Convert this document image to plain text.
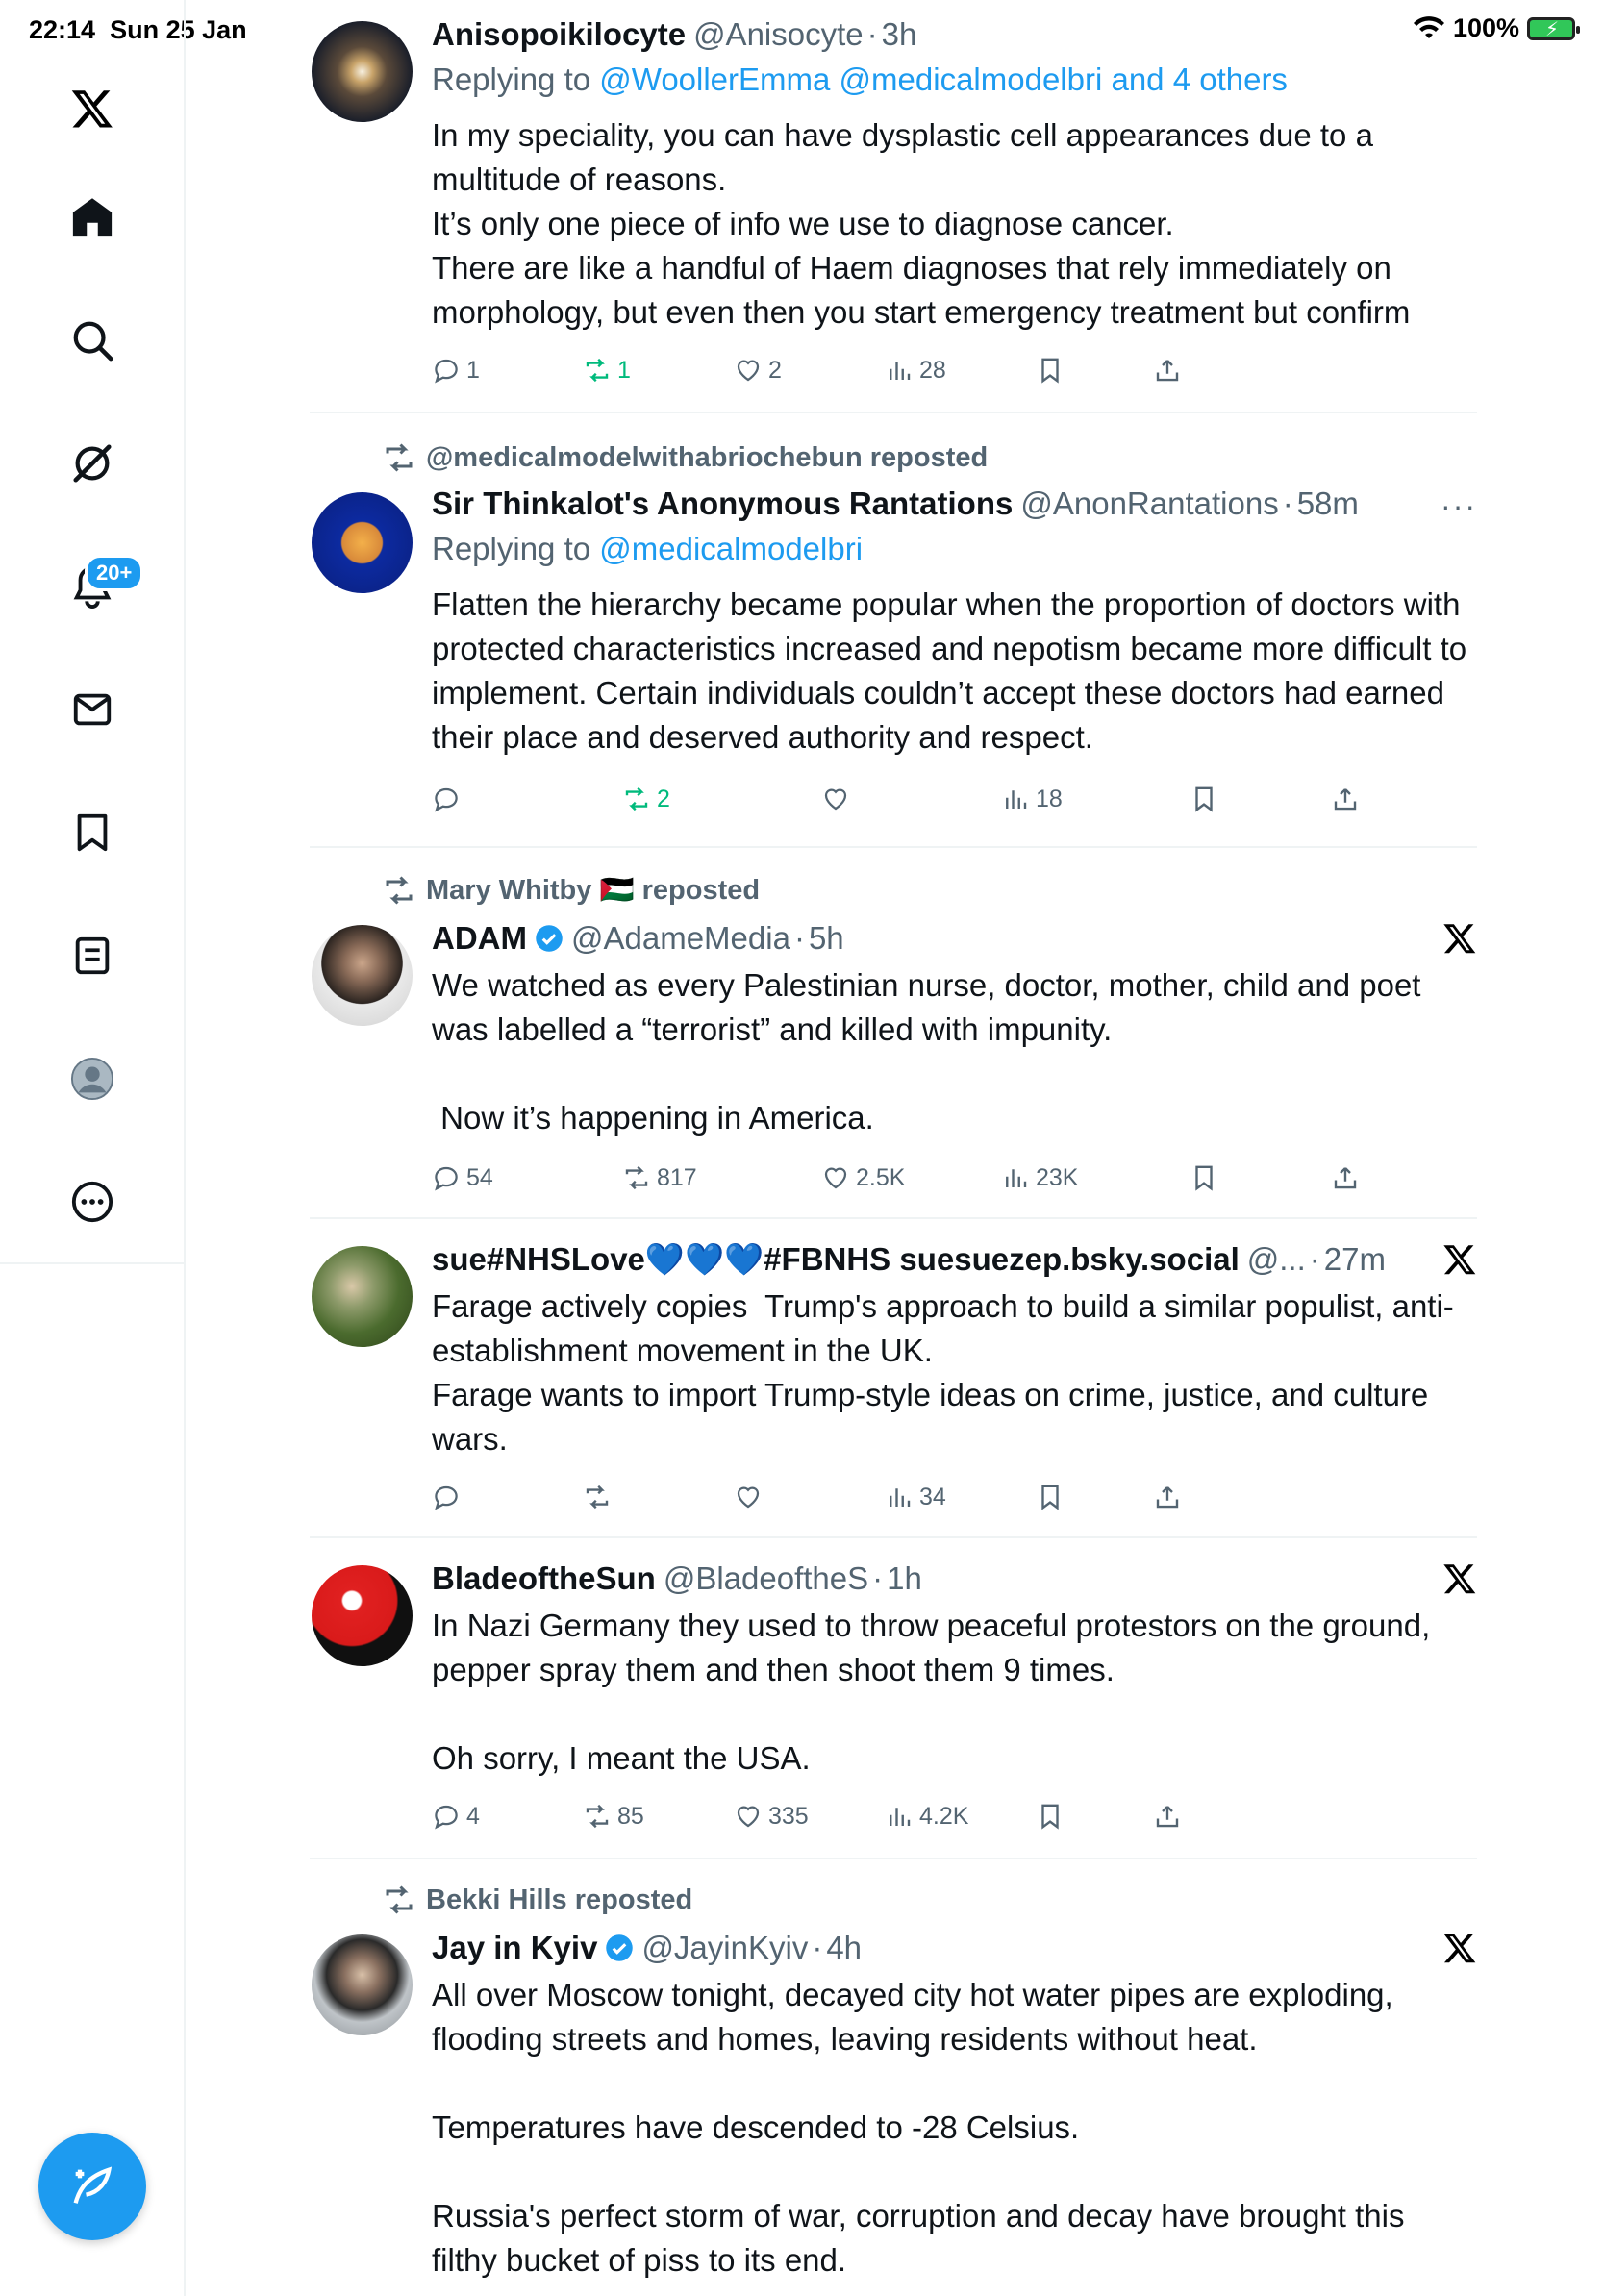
22:14 Sun 25 Jan	100% ⚡
20+
Anisopoikilocyte @Anisocyte · 3h
Replying to @WoollerEmma @medicalmodelbri and 4 others
In my speciality, you can have dysplastic cell appearances due to a multitude of reasons.
It’s only one piece of info we use to diagnose cancer.
There are like a handful of Haem diagnoses that rely immediately on morphology, but even then you start emergency treatment but confirm
1	1	2	28
@medicalmodelwithabriochebun reposted
Sir Thinkalot's Anonymous Rantations @AnonRantations · 58m
Replying to @medicalmodelbri
Flatten the hierarchy became popular when the proportion of doctors with protected characteristics increased and nepotism became more difficult to implement. Certain individuals couldn’t accept these doctors had earned their place and deserved authority and respect.
···
2	18
Mary Whitby 🇵🇸 reposted
ADAM @AdameMedia · 5h
We watched as every Palestinian nurse, doctor, mother, child and poet was labelled a “terrorist” and killed with impunity.

Now it’s happening in America.
54	817	2.5K	23K
sue#NHSLove💙💙💙#FBNHS suesuezep.bsky.social @... · 27m
Farage actively copies  Trump's approach to build a similar populist, anti-establishment movement in the UK.
Farage wants to import Trump-style ideas on crime, justice, and culture wars.
34
BladeoftheSun @BladeoftheS · 1h
In Nazi Germany they used to throw peaceful protestors on the ground, pepper spray them and then shoot them 9 times.

Oh sorry, I meant the USA.
4	85	335	4.2K
Bekki Hills reposted
Jay in Kyiv @JayinKyiv · 4h
All over Moscow tonight, decayed city hot water pipes are exploding, flooding streets and homes, leaving residents without heat.

Temperatures have descended to -28 Celsius.

Russia's perfect storm of war, corruption and decay have brought this filthy bucket of piss to its end.
